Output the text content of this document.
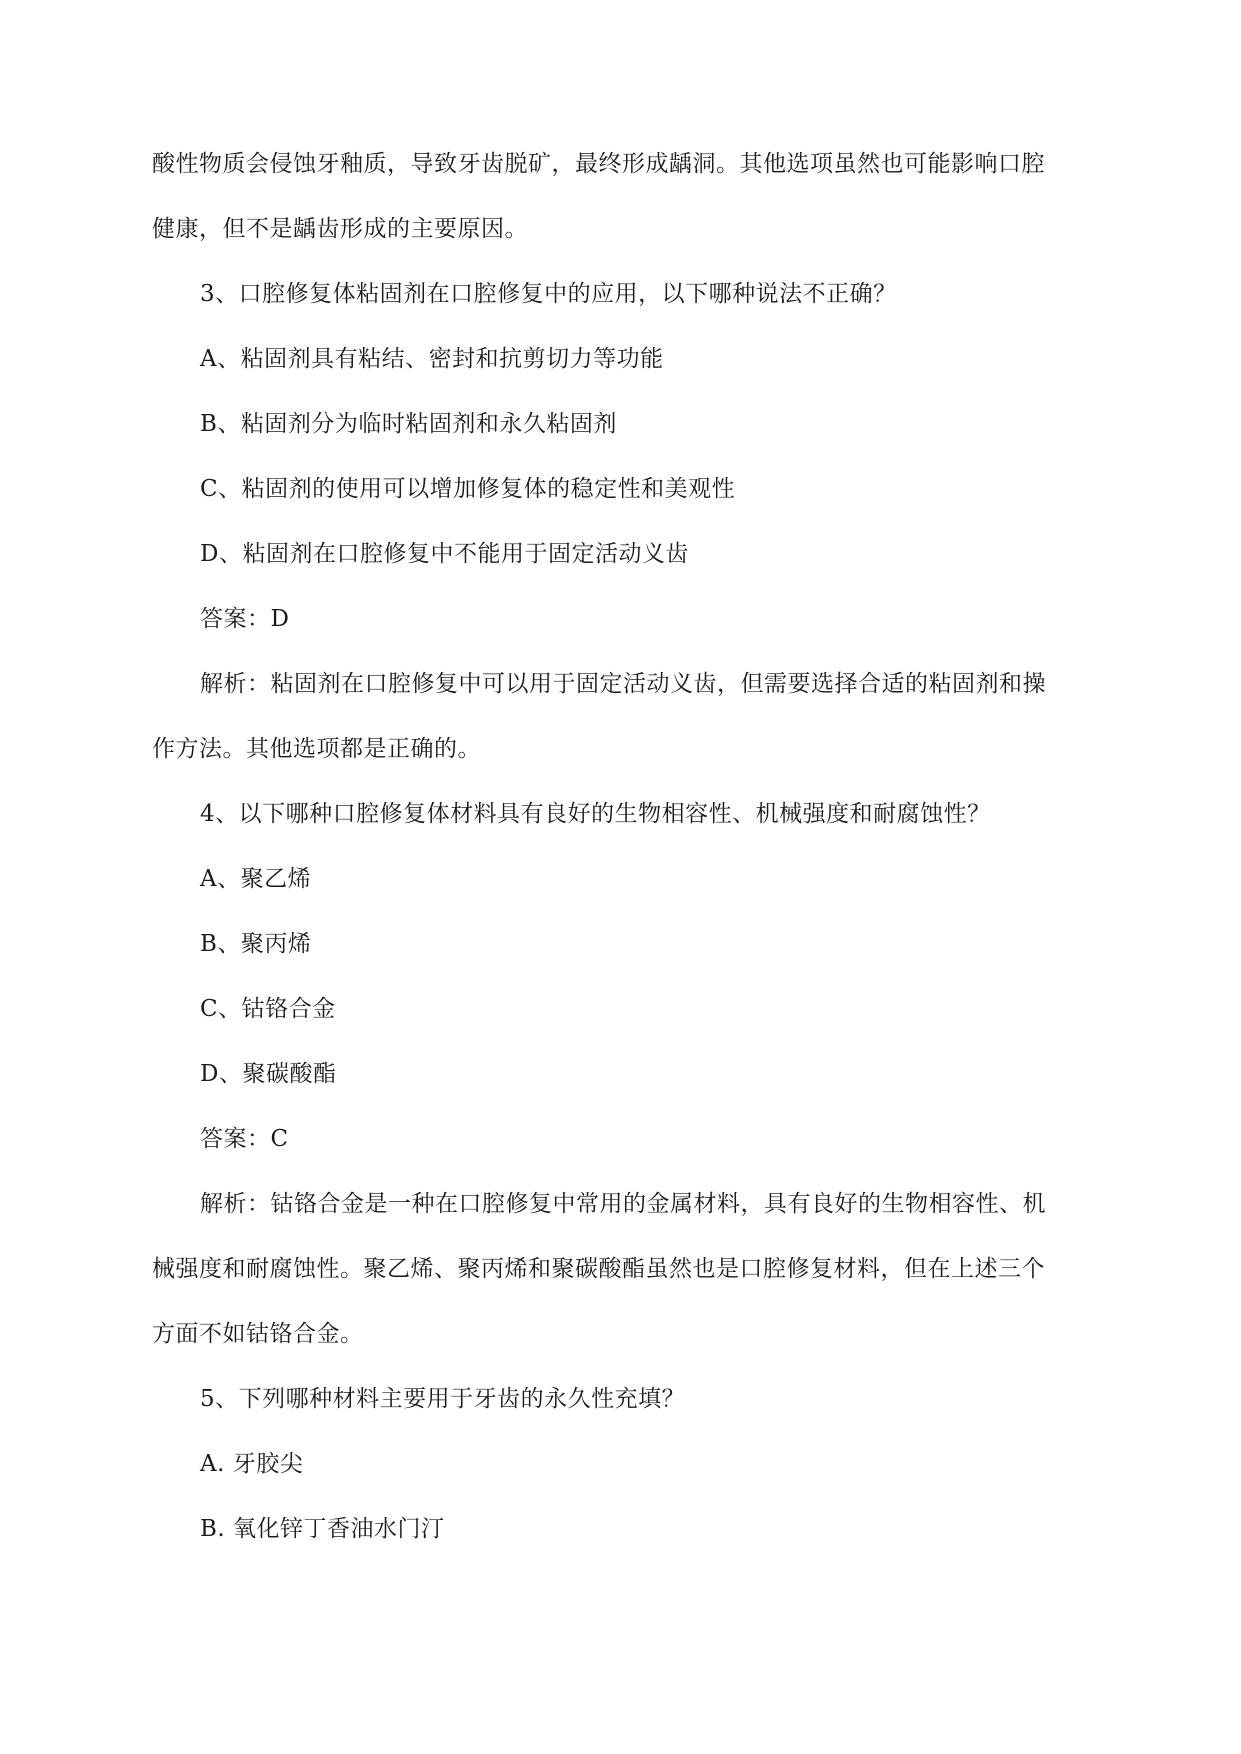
酸性物质会侵蚀牙釉质，导致牙齿脱矿，最终形成龋洞。其他选项虽然也可能影响口腔
健康，但不是龋齿形成的主要原因。
3、口腔修复体粘固剂在口腔修复中的应用，以下哪种说法不正确？
A、粘固剂具有粘结、密封和抗剪切力等功能
B、粘固剂分为临时粘固剂和永久粘固剂
C、粘固剂的使用可以增加修复体的稳定性和美观性
D、粘固剂在口腔修复中不能用于固定活动义齿
答案：D
解析：粘固剂在口腔修复中可以用于固定活动义齿，但需要选择合适的粘固剂和操
作方法。其他选项都是正确的。
4、以下哪种口腔修复体材料具有良好的生物相容性、机械强度和耐腐蚀性？
A、聚乙烯
B、聚丙烯
C、钴铬合金
D、聚碳酸酯
答案：C
解析：钴铬合金是一种在口腔修复中常用的金属材料，具有良好的生物相容性、机
械强度和耐腐蚀性。聚乙烯、聚丙烯和聚碳酸酯虽然也是口腔修复材料，但在上述三个
方面不如钴铬合金。
5、下列哪种材料主要用于牙齿的永久性充填？
A. 牙胶尖
B. 氧化锌丁香油水门汀
